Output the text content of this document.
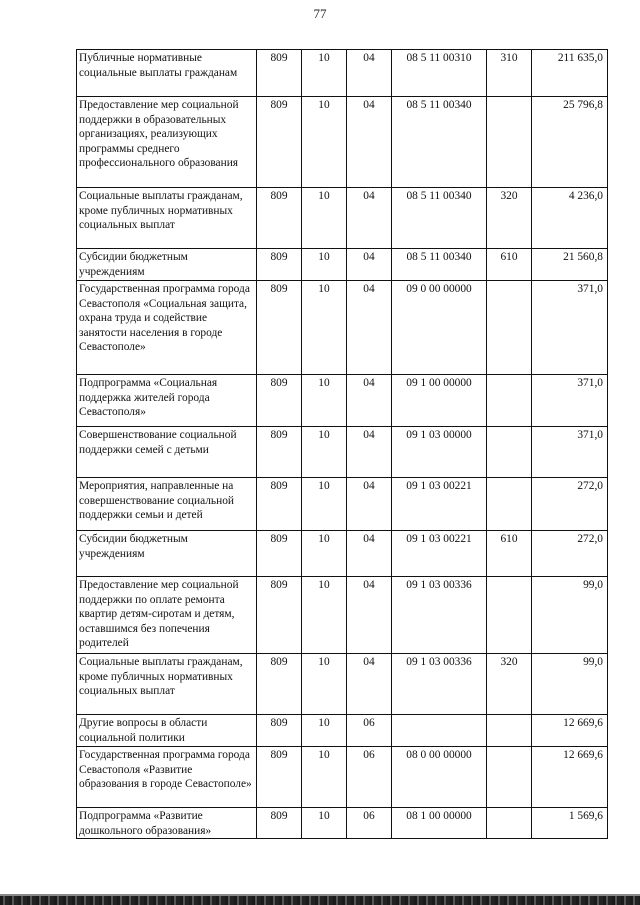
77
Публичные нормативные социальные выплаты гражданам	809	10	04	08 5 11 00310	310	211 635,0
Предоставление мер социальной поддержки в образовательных организациях, реализующих программы среднего профессионального образования	809	10	04	08 5 11 00340		25 796,8
Социальные выплаты гражданам, кроме публичных нормативных социальных выплат	809	10	04	08 5 11 00340	320	4 236,0
Субсидии бюджетным учреждениям	809	10	04	08 5 11 00340	610	21 560,8
Государственная программа города Севастополя «Социальная защита, охрана труда и содействие занятости населения в городе Севастополе»	809	10	04	09 0 00 00000		371,0
Подпрограмма «Социальная поддержка жителей города Севастополя»	809	10	04	09 1 00 00000		371,0
Совершенствование социальной поддержки семей с детьми	809	10	04	09 1 03 00000		371,0
Мероприятия, направленные на совершенствование социальной поддержки семьи и детей	809	10	04	09 1 03 00221		272,0
Субсидии бюджетным учреждениям	809	10	04	09 1 03 00221	610	272,0
Предоставление мер социальной поддержки по оплате ремонта квартир детям-сиротам и детям, оставшимся без попечения родителей	809	10	04	09 1 03 00336		99,0
Социальные выплаты гражданам, кроме публичных нормативных социальных выплат	809	10	04	09 1 03 00336	320	99,0
Другие вопросы в области социальной политики	809	10	06			12 669,6
Государственная программа города Севастополя «Развитие образования в городе Севастополе»	809	10	06	08 0 00 00000		12 669,6
Подпрограмма «Развитие дошкольного образования»	809	10	06	08 1 00 00000		1 569,6
